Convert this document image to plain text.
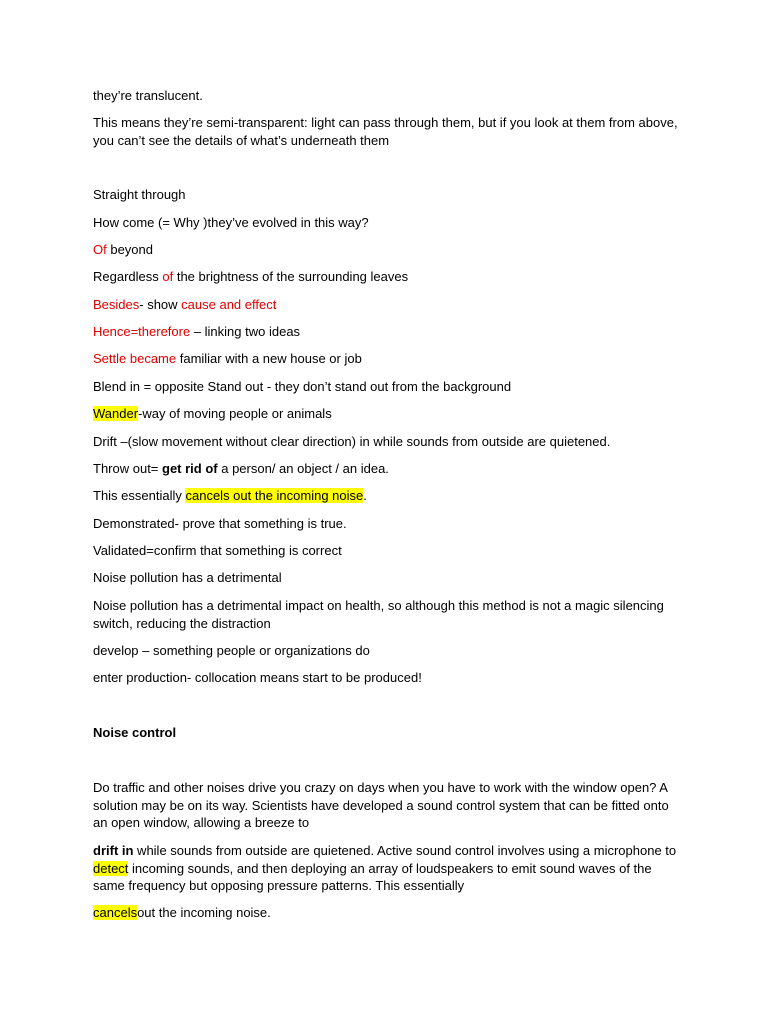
they’re translucent.

This means they’re semi-transparent: light can pass through them, but if you look at them from above, you can’t see the details of what’s underneath them

Straight through

How come (= Why )they’ve evolved in this way?

Of beyond

Regardless of the brightness of the surrounding leaves

Besides- show cause and effect

Hence=therefore – linking two ideas

Settle became familiar with a new house or job

Blend in = opposite Stand out - they don’t stand out from the background

Wander-way of moving people or animals

Drift –(slow movement without clear direction) in while sounds from outside are quietened.

Throw out= get rid of a person/ an object / an idea.

This essentially cancels out the incoming noise.

Demonstrated- prove that something is true.

Validated=confirm that something is correct

Noise pollution has a detrimental

Noise pollution has a detrimental impact on health, so although this method is not a magic silencing switch, reducing the distraction

develop – something people or organizations do

enter production- collocation means start to be produced!

Noise control

Do traffic and other noises drive you crazy on days when you have to work with the window open? A solution may be on its way. Scientists have developed a sound control system that can be fitted onto an open window, allowing a breeze to

drift in while sounds from outside are quietened. Active sound control involves using a microphone to detect incoming sounds, and then deploying an array of loudspeakers to emit sound waves of the same frequency but opposing pressure patterns. This essentially

cancelsout the incoming noise.
